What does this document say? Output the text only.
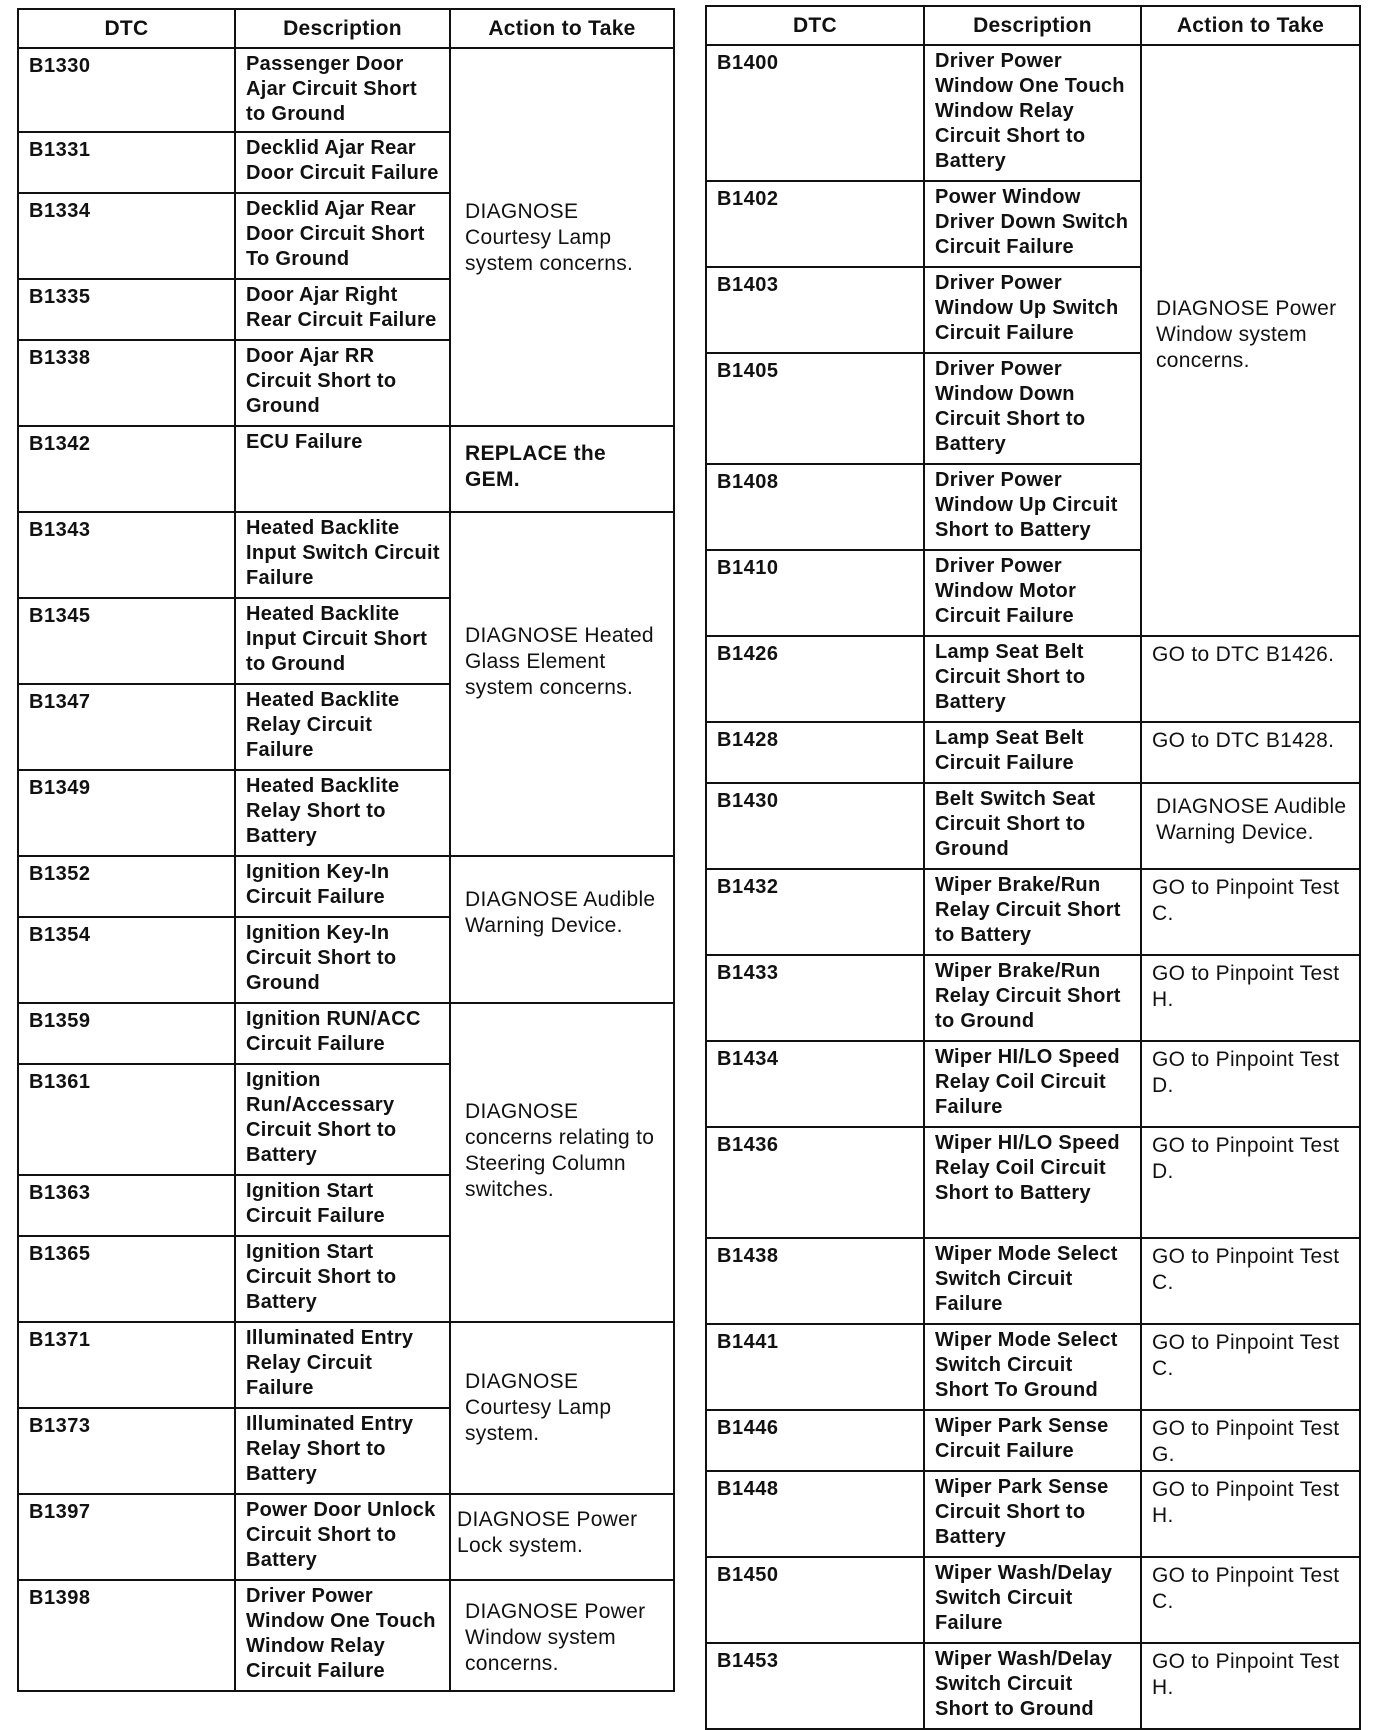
DTC	Description	Action to Take
B1330	Passenger Door Ajar Circuit Short to Ground	DIAGNOSE Courtesy Lamp system concerns.
B1331	Decklid Ajar Rear Door Circuit Failure	
B1334	Decklid Ajar Rear Door Circuit Short To Ground	
B1335	Door Ajar Right Rear Circuit Failure	
B1338	Door Ajar RR Circuit Short to Ground	
B1342	ECU Failure	REPLACE the GEM.
B1343	Heated Backlite Input Switch Circuit Failure	DIAGNOSE Heated Glass Element system concerns.
B1345	Heated Backlite Input Circuit Short to Ground	
B1347	Heated Backlite Relay Circuit Failure	
B1349	Heated Backlite Relay Short to Battery	
B1352	Ignition Key-In Circuit Failure	DIAGNOSE Audible Warning Device.
B1354	Ignition Key-In Circuit Short to Ground	
B1359	Ignition RUN/ACC Circuit Failure	DIAGNOSE concerns relating to Steering Column switches.
B1361	Ignition Run/Accessary Circuit Short to Battery	
B1363	Ignition Start Circuit Failure	
B1365	Ignition Start Circuit Short to Battery	
B1371	Illuminated Entry Relay Circuit Failure	DIAGNOSE Courtesy Lamp system.
B1373	Illuminated Entry Relay Short to Battery	
B1397	Power Door Unlock Circuit Short to Battery	DIAGNOSE Power Lock system.
B1398	Driver Power Window One Touch Window Relay Circuit Failure	DIAGNOSE Power Window system concerns.
DTC	Description	Action to Take
B1400	Driver Power Window One Touch Window Relay Circuit Short to Battery	DIAGNOSE Power Window system concerns.
B1402	Power Window Driver Down Switch Circuit Failure	
B1403	Driver Power Window Up Switch Circuit Failure	
B1405	Driver Power Window Down Circuit Short to Battery	
B1408	Driver Power Window Up Circuit Short to Battery	
B1410	Driver Power Window Motor Circuit Failure	
B1426	Lamp Seat Belt Circuit Short to Battery	GO to DTC B1426.
B1428	Lamp Seat Belt Circuit Failure	GO to DTC B1428.
B1430	Belt Switch Seat Circuit Short to Ground	DIAGNOSE Audible Warning Device.
B1432	Wiper Brake/Run Relay Circuit Short to Battery	GO to Pinpoint Test C.
B1433	Wiper Brake/Run Relay Circuit Short to Ground	GO to Pinpoint Test H.
B1434	Wiper HI/LO Speed Relay Coil Circuit Failure	GO to Pinpoint Test D.
B1436	Wiper HI/LO Speed Relay Coil Circuit Short to Battery	GO to Pinpoint Test D.
B1438	Wiper Mode Select Switch Circuit Failure	GO to Pinpoint Test C.
B1441	Wiper Mode Select Switch Circuit Short To Ground	GO to Pinpoint Test C.
B1446	Wiper Park Sense Circuit Failure	GO to Pinpoint Test G.
B1448	Wiper Park Sense Circuit Short to Battery	GO to Pinpoint Test H.
B1450	Wiper Wash/Delay Switch Circuit Failure	GO to Pinpoint Test C.
B1453	Wiper Wash/Delay Switch Circuit Short to Ground	GO to Pinpoint Test H.
